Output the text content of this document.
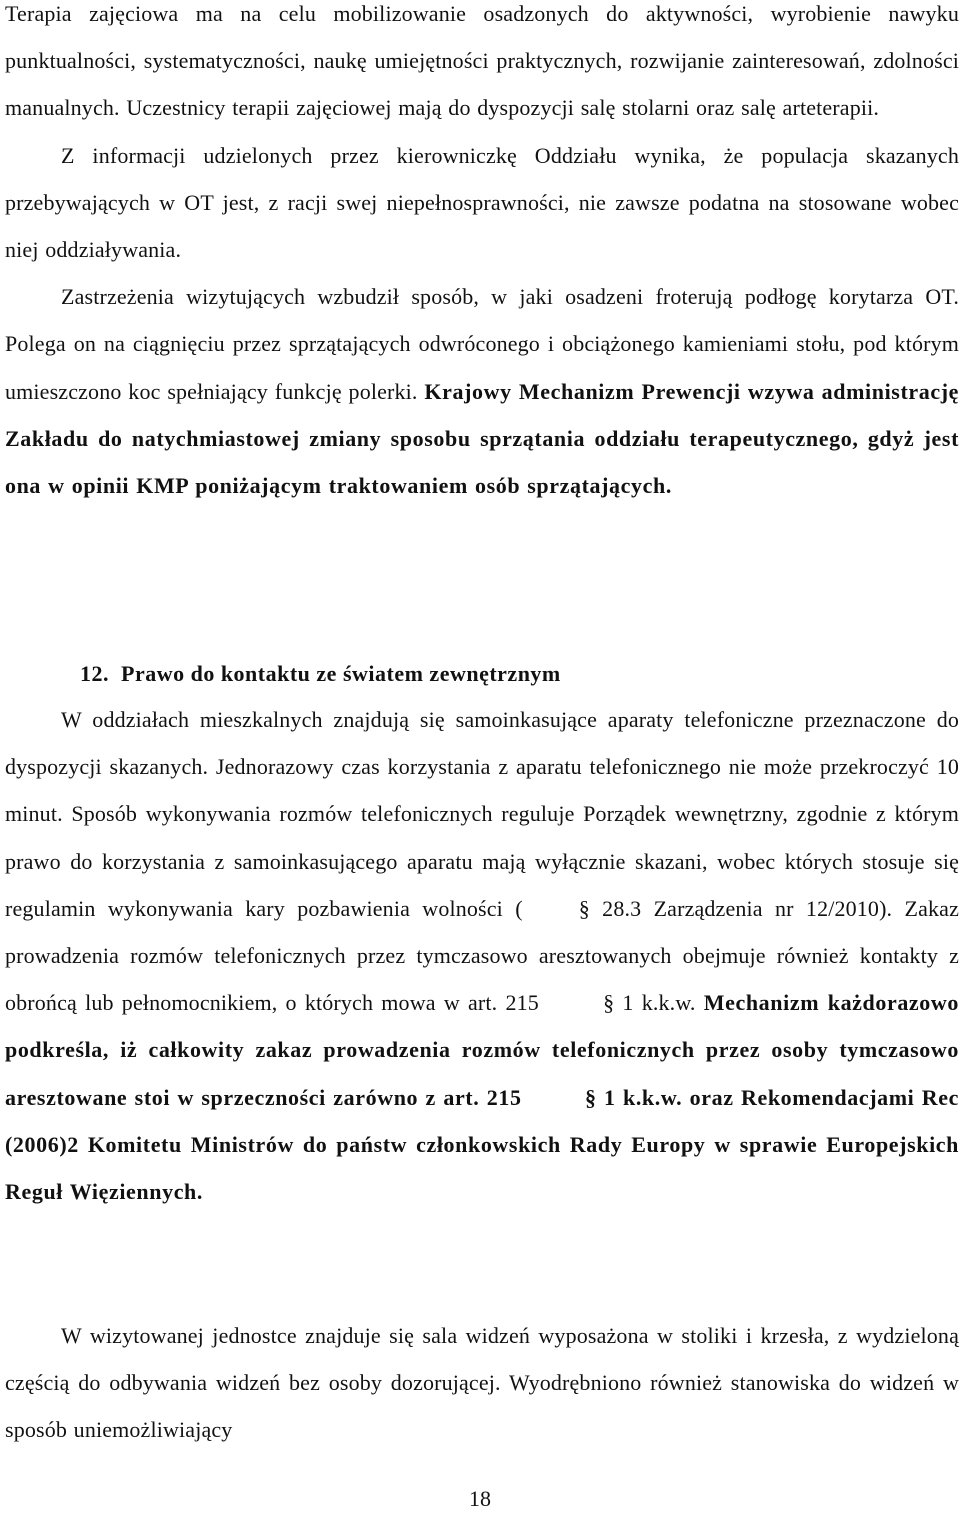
Terapia zajęciowa ma na celu mobilizowanie osadzonych do aktywności, wyrobienie nawyku punktualności, systematyczności, naukę umiejętności praktycznych, rozwijanie zainteresowań, zdolności manualnych. Uczestnicy terapii zajęciowej mają do dyspozycji salę stolarni oraz salę arteterapii.
Z informacji udzielonych przez kierowniczkę Oddziału wynika, że populacja skazanych przebywających w OT jest, z racji swej niepełnosprawności, nie zawsze podatna na stosowane wobec niej oddziaływania.
Zastrzeżenia wizytujących wzbudził sposób, w jaki osadzeni froterują podłogę korytarza OT. Polega on na ciągnięciu przez sprzątających odwróconego i obciążonego kamieniami stołu, pod którym umieszczono koc spełniający funkcję polerki. Krajowy Mechanizm Prewencji wzywa administrację Zakładu do natychmiastowej zmiany sposobu sprzątania oddziału terapeutycznego, gdyż jest ona w opinii KMP poniżającym traktowaniem osób sprzątających.

12. Prawo do kontaktu ze światem zewnętrznym

W oddziałach mieszkalnych znajdują się samoinkasujące aparaty telefoniczne przeznaczone do dyspozycji skazanych. Jednorazowy czas korzystania z aparatu telefonicznego nie może przekroczyć 10 minut. Sposób wykonywania rozmów telefonicznych reguluje Porządek wewnętrzny, zgodnie z którym prawo do korzystania z samoinkasującego aparatu mają wyłącznie skazani, wobec których stosuje się regulamin wykonywania kary pozbawienia wolności (	§ 28.3 Zarządzenia nr 12/2010). Zakaz prowadzenia rozmów telefonicznych przez tymczasowo aresztowanych obejmuje również kontakty z obrońcą lub pełnomocnikiem, o których mowa w art. 215	§ 1 k.k.w. Mechanizm każdorazowo podkreśla, iż całkowity zakaz prowadzenia rozmów telefonicznych przez osoby tymczasowo aresztowane stoi w sprzeczności zarówno z art. 215	§ 1 k.k.w. oraz Rekomendacjami Rec (2006)2 Komitetu Ministrów do państw członkowskich Rady Europy w sprawie Europejskich Reguł Więziennych.

W wizytowanej jednostce znajduje się sala widzeń wyposażona w stoliki i krzesła, z wydzieloną częścią do odbywania widzeń bez osoby dozorującej. Wyodrębniono również stanowiska do widzeń w sposób uniemożliwiający

18
